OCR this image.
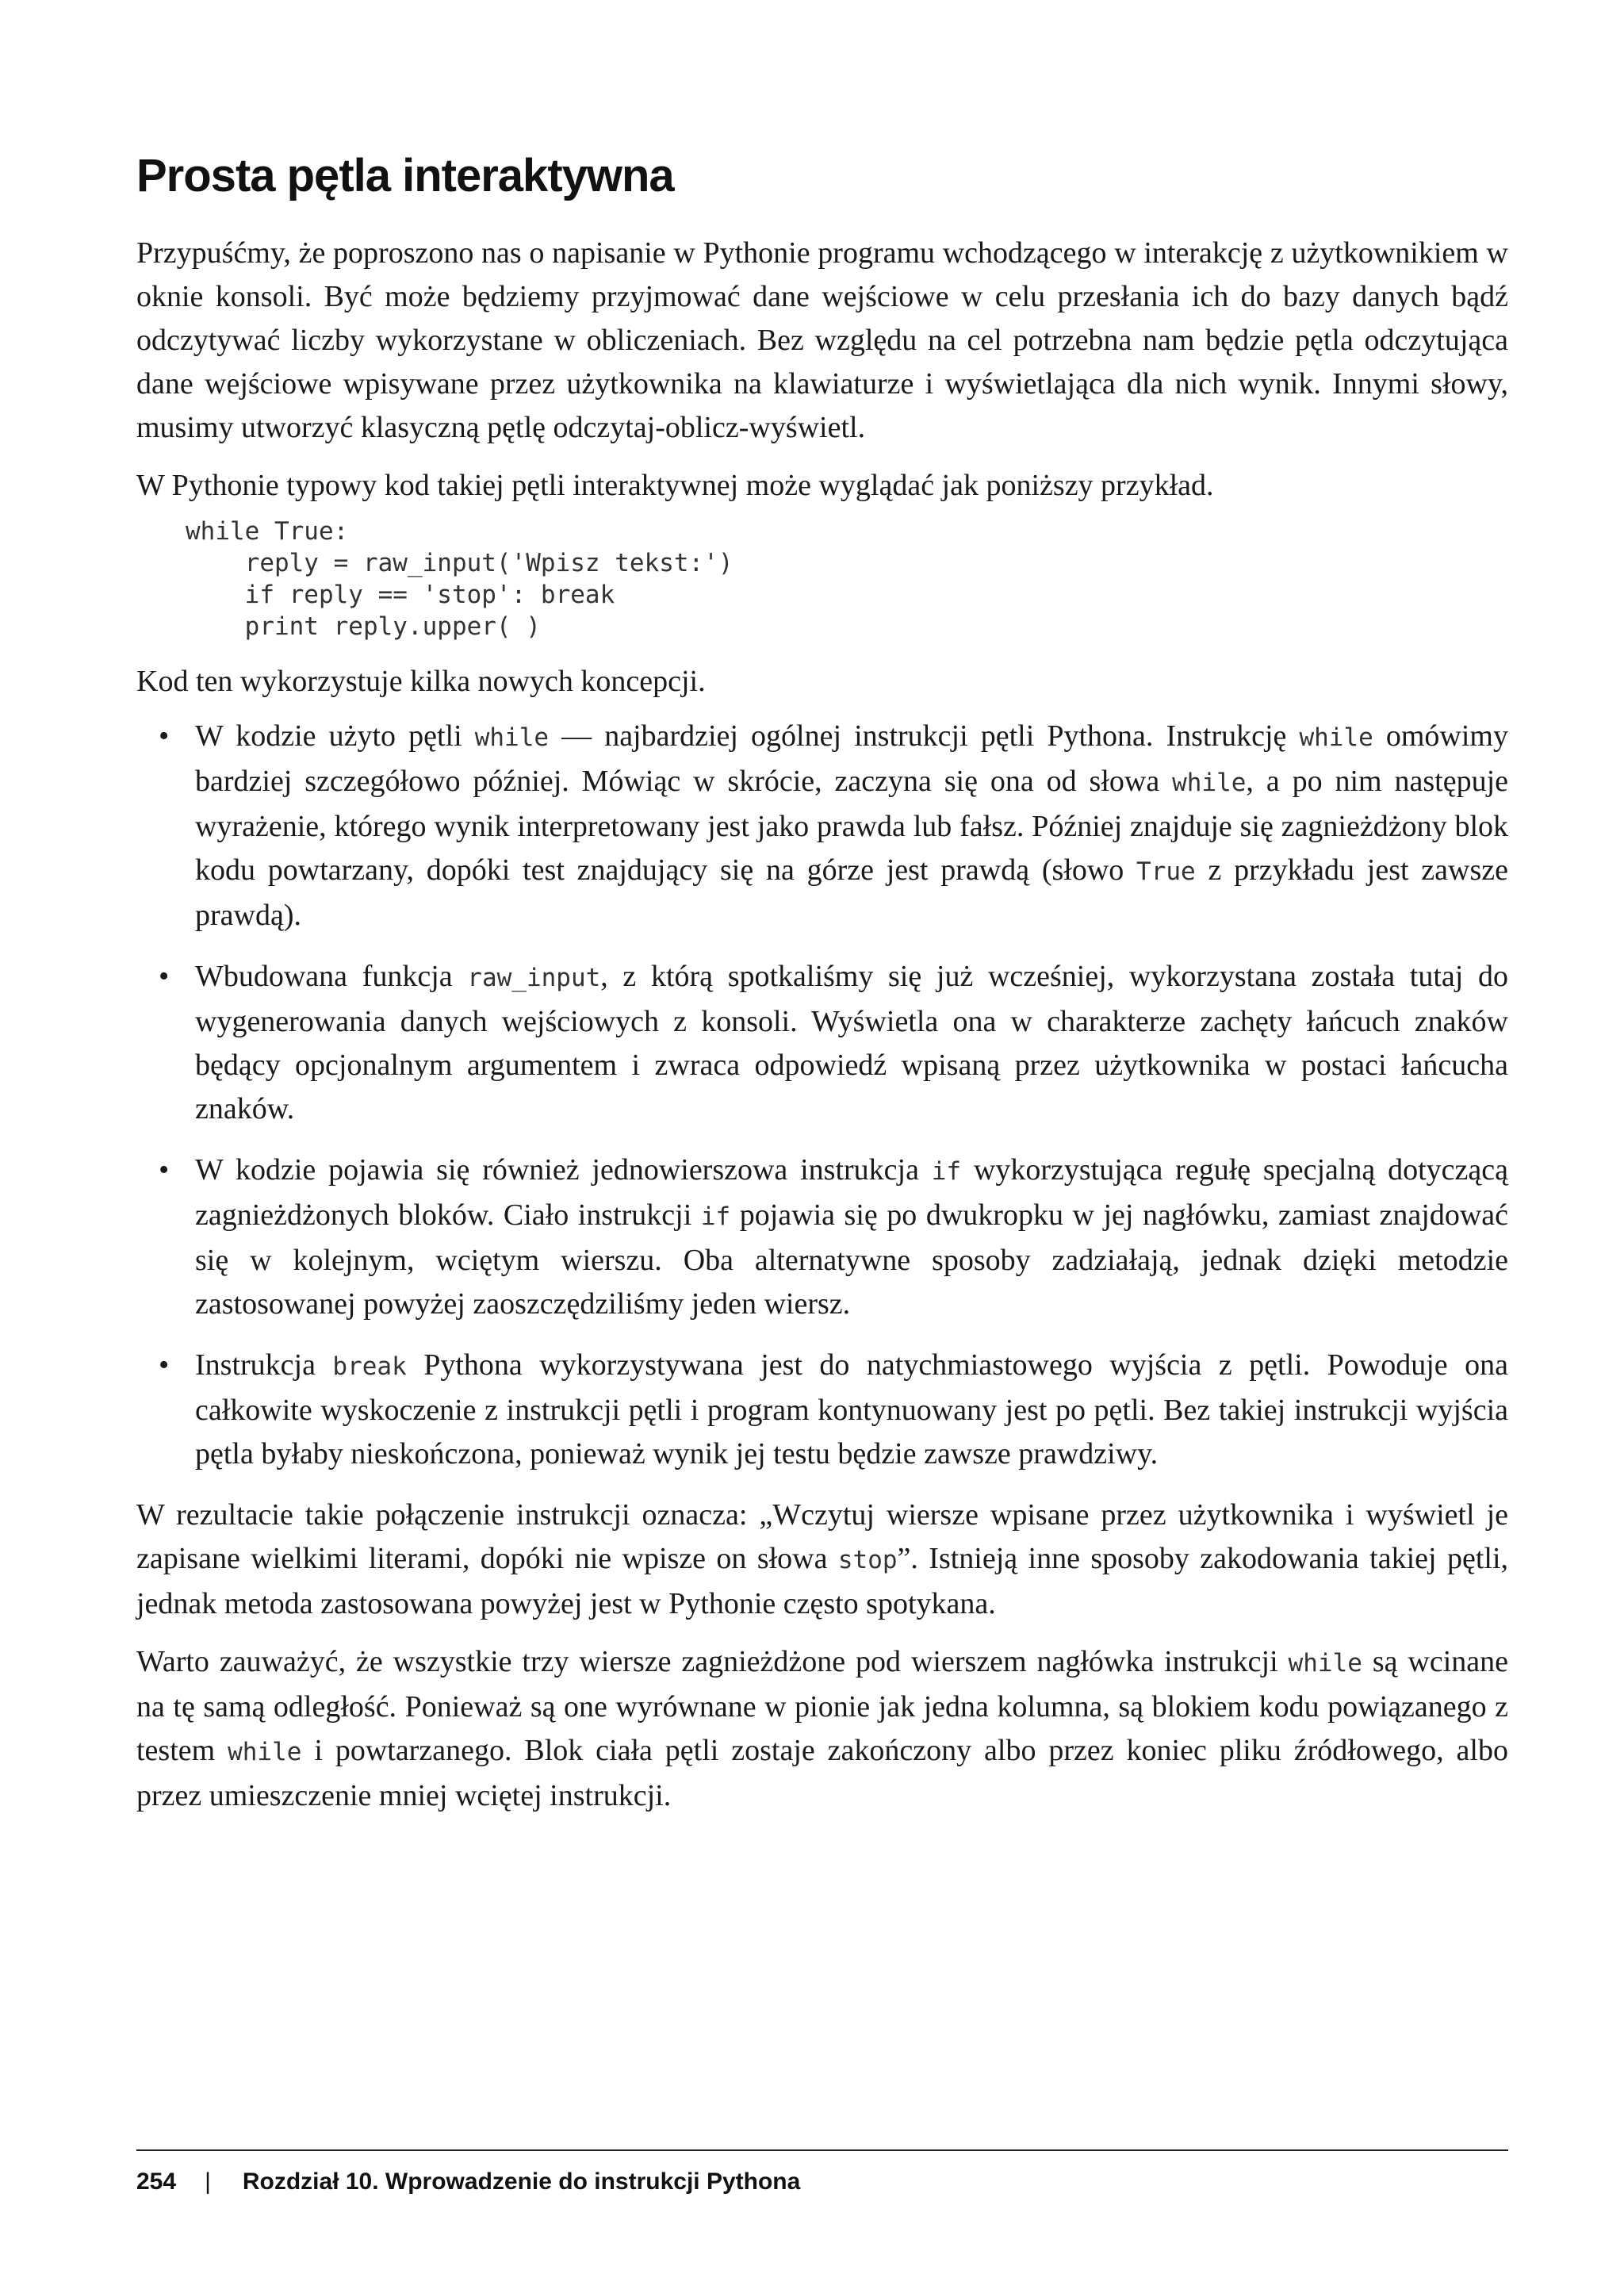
Prosta pętla interaktywna

Przypuśćmy, że poproszono nas o napisanie w Pythonie programu wchodzącego w interakcję z użytkownikiem w oknie konsoli. Być może będziemy przyjmować dane wejściowe w celu przesłania ich do bazy danych bądź odczytywać liczby wykorzystane w obliczeniach. Bez względu na cel potrzebna nam będzie pętla odczytująca dane wejściowe wpisywane przez użytkownika na klawiaturze i wyświetlająca dla nich wynik. Innymi słowy, musimy utworzyć klasyczną pętlę odczytaj-oblicz-wyświetl.

W Pythonie typowy kod takiej pętli interaktywnej może wyglądać jak poniższy przykład.

while True:
reply = raw_input('Wpisz tekst:')
if reply == 'stop': break
print reply.upper( )

Kod ten wykorzystuje kilka nowych koncepcji.

• W kodzie użyto pętli while — najbardziej ogólnej instrukcji pętli Pythona. Instrukcję while omówimy bardziej szczegółowo później. Mówiąc w skrócie, zaczyna się ona od słowa while, a po nim następuje wyrażenie, którego wynik interpretowany jest jako prawda lub fałsz. Później znajduje się zagnieżdżony blok kodu powtarzany, dopóki test znajdujący się na górze jest prawdą (słowo True z przykładu jest zawsze prawdą).

• Wbudowana funkcja raw_input, z którą spotkaliśmy się już wcześniej, wykorzystana została tutaj do wygenerowania danych wejściowych z konsoli. Wyświetla ona w charakterze zachęty łańcuch znaków będący opcjonalnym argumentem i zwraca odpowiedź wpisaną przez użytkownika w postaci łańcucha znaków.

• W kodzie pojawia się również jednowierszowa instrukcja if wykorzystująca regułę specjalną dotyczącą zagnieżdżonych bloków. Ciało instrukcji if pojawia się po dwukropku w jej nagłówku, zamiast znajdować się w kolejnym, wciętym wierszu. Oba alternatywne sposoby zadziałają, jednak dzięki metodzie zastosowanej powyżej zaoszczędziliśmy jeden wiersz.

• Instrukcja break Pythona wykorzystywana jest do natychmiastowego wyjścia z pętli. Powoduje ona całkowite wyskoczenie z instrukcji pętli i program kontynuowany jest po pętli. Bez takiej instrukcji wyjścia pętla byłaby nieskończona, ponieważ wynik jej testu będzie zawsze prawdziwy.

W rezultacie takie połączenie instrukcji oznacza: „Wczytuj wiersze wpisane przez użytkownika i wyświetl je zapisane wielkimi literami, dopóki nie wpisze on słowa stop”. Istnieją inne sposoby zakodowania takiej pętli, jednak metoda zastosowana powyżej jest w Pythonie często spotykana.

Warto zauważyć, że wszystkie trzy wiersze zagnieżdżone pod wierszem nagłówka instrukcji while są wcinane na tę samą odległość. Ponieważ są one wyrównane w pionie jak jedna kolumna, są blokiem kodu powiązanego z testem while i powtarzanego. Blok ciała pętli zostaje zakończony albo przez koniec pliku źródłowego, albo przez umieszczenie mniej wciętej instrukcji.

254 | Rozdział 10. Wprowadzenie do instrukcji Pythona
